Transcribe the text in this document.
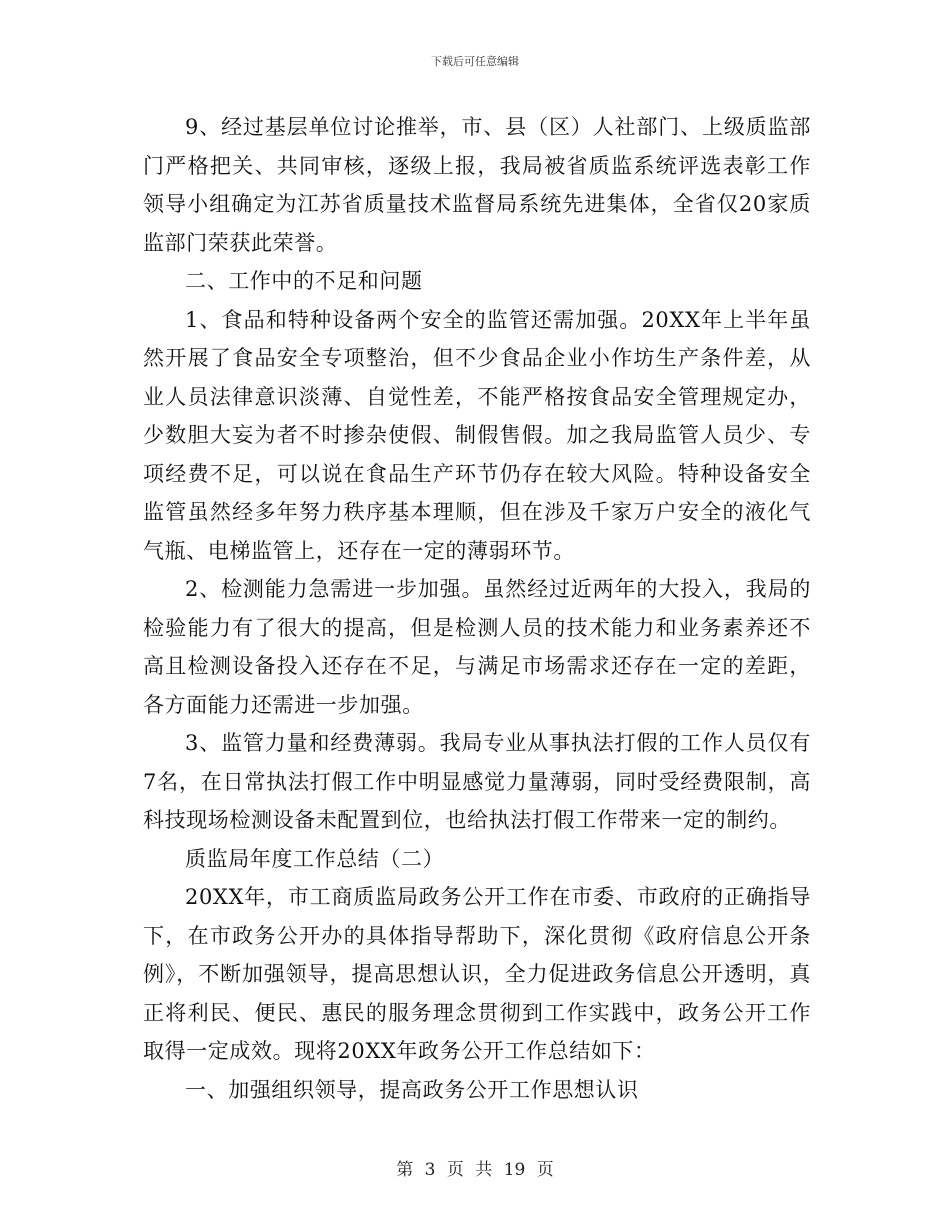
下载后可任意编辑

9、经过基层单位讨论推举，市、县（区）人社部门、上级质监部门严格把关、共同审核，逐级上报，我局被省质监系统评选表彰工作领导小组确定为江苏省质量技术监督局系统先进集体，全省仅20家质监部门荣获此荣誉。

二、工作中的不足和问题

1、食品和特种设备两个安全的监管还需加强。20XX年上半年虽然开展了食品安全专项整治，但不少食品企业小作坊生产条件差，从业人员法律意识淡薄、自觉性差，不能严格按食品安全管理规定办，少数胆大妄为者不时掺杂使假、制假售假。加之我局监管人员少、专项经费不足，可以说在食品生产环节仍存在较大风险。特种设备安全监管虽然经多年努力秩序基本理顺，但在涉及千家万户安全的液化气气瓶、电梯监管上，还存在一定的薄弱环节。

2、检测能力急需进一步加强。虽然经过近两年的大投入，我局的检验能力有了很大的提高，但是检测人员的技术能力和业务素养还不高且检测设备投入还存在不足，与满足市场需求还存在一定的差距，各方面能力还需进一步加强。

3、监管力量和经费薄弱。我局专业从事执法打假的工作人员仅有7名，在日常执法打假工作中明显感觉力量薄弱，同时受经费限制，高科技现场检测设备未配置到位，也给执法打假工作带来一定的制约。

质监局年度工作总结（二）

20XX年，市工商质监局政务公开工作在市委、市政府的正确指导下，在市政务公开办的具体指导帮助下，深化贯彻《政府信息公开条例》，不断加强领导，提高思想认识，全力促进政务信息公开透明，真正将利民、便民、惠民的服务理念贯彻到工作实践中，政务公开工作取得一定成效。现将20XX年政务公开工作总结如下：

一、加强组织领导，提高政务公开工作思想认识

第 3 页 共 19 页
